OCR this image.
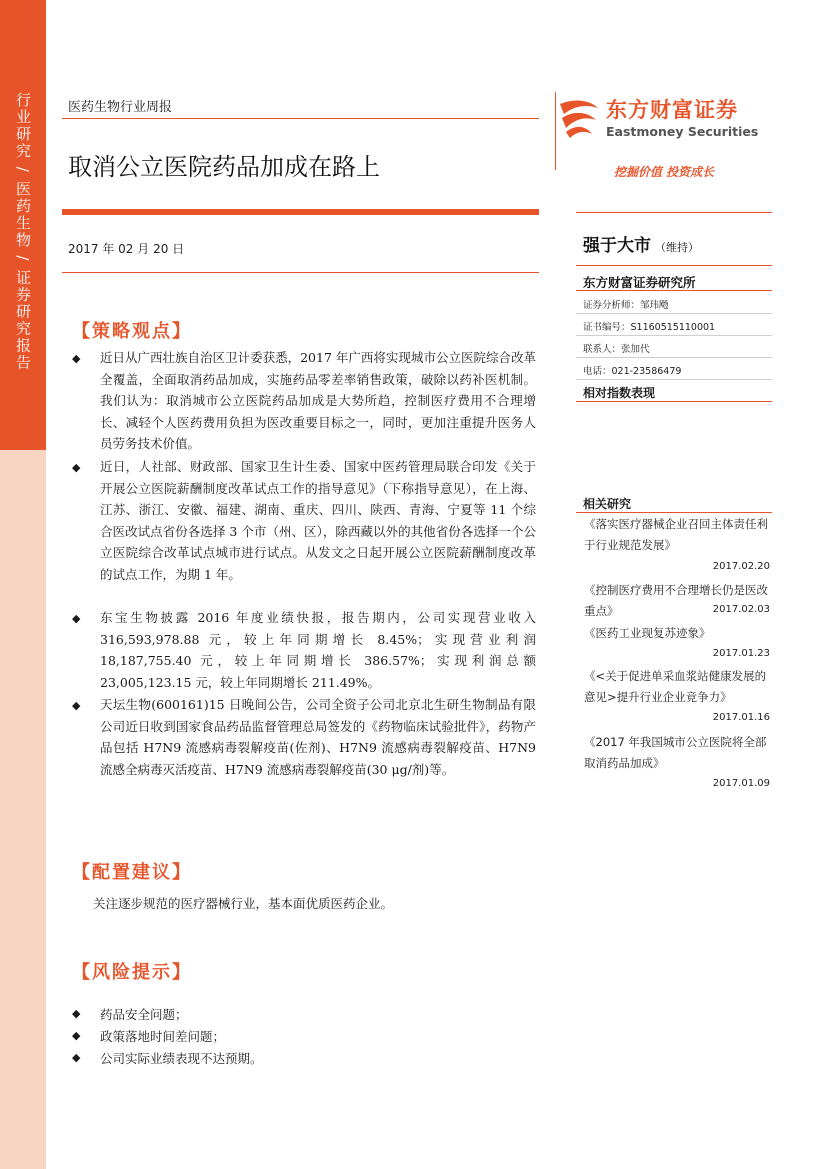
行业研究 / 医药生物 / 证券研究报告	医药生物行业周报
取消公立医院药品加成在路上
2017 年 02 月 20 日
东方财富证券
Eastmoney Securities
挖掘价值 投资成长
强于大市 （维持）
东方财富证券研究所
证券分析师：邹玮飏
证书编号：S1160515110001
联系人：张加代
电话：021-23586479
相对指数表现
相关研究
《落实医疗器械企业召回主体责任利于行业规范发展》
2017.02.20
《控制医疗费用不合理增长仍是医改重点》	2017.02.03
《医药工业现复苏迹象》
2017.01.23
《<关于促进单采血浆站健康发展的意见>提升行业企业竞争力》
2017.01.16
《2017 年我国城市公立医院将全部取消药品加成》
2017.01.09
【策略观点】
◆ 近日从广西壮族自治区卫计委获悉，2017 年广西将实现城市公立医院综合改革全覆盖，全面取消药品加成，实施药品零差率销售政策，破除以药补医机制。我们认为：取消城市公立医院药品加成是大势所趋，控制医疗费用不合理增长、减轻个人医药费用负担为医改重要目标之一，同时，更加注重提升医务人员劳务技术价值。
◆ 近日，人社部、财政部、国家卫生计生委、国家中医药管理局联合印发《关于开展公立医院薪酬制度改革试点工作的指导意见》（下称指导意见），在上海、江苏、浙江、安徽、福建、湖南、重庆、四川、陕西、青海、宁夏等 11 个综合医改试点省份各选择 3 个市（州、区），除西藏以外的其他省份各选择一个公立医院综合改革试点城市进行试点。从发文之日起开展公立医院薪酬制度改革的试点工作，为期 1 年。
◆ 东宝生物披露 2016 年度业绩快报，报告期内，公司实现营业收入 316,593,978.88 元，较上年同期增长 8.45%；实现营业利润 18,187,755.40 元，较上年同期增长 386.57%；实现利润总额 23,005,123.15 元，较上年同期增长 211.49%。
◆ 天坛生物(600161)15 日晚间公告，公司全资子公司北京北生研生物制品有限公司近日收到国家食品药品监督管理总局签发的《药物临床试验批件》，药物产品包括 H7N9 流感病毒裂解疫苗(佐剂)、H7N9 流感病毒裂解疫苗、H7N9 流感全病毒灭活疫苗、H7N9 流感病毒裂解疫苗(30 μg/剂)等。
【配置建议】
关注逐步规范的医疗器械行业，基本面优质医药企业。
【风险提示】
◆ 药品安全问题；
◆ 政策落地时间差问题；
◆ 公司实际业绩表现不达预期。
